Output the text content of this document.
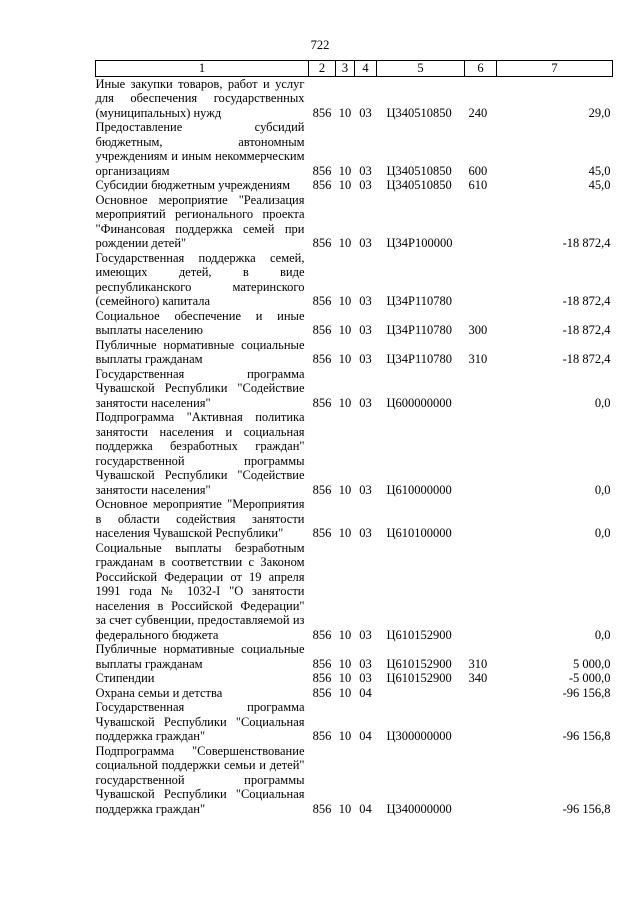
722
1	2	3	4	5	6	7
Иные закупки товаров, работ и услуг для обеспечения государственных (муниципальных) нужд	856	10	03	Ц340510850	240	29,0
Предоставление субсидий бюджетным, автономным учреждениям и иным некоммерческим организациям	856	10	03	Ц340510850	600	45,0
Субсидии бюджетным учреждениям	856	10	03	Ц340510850	610	45,0
Основное мероприятие "Реализация мероприятий регионального проекта "Финансовая поддержка семей при рождении детей"	856	10	03	Ц34Р100000		-18 872,4
Государственная поддержка семей, имеющих детей, в виде республиканского материнского (семейного) капитала	856	10	03	Ц34Р110780		-18 872,4
Социальное обеспечение и иные выплаты населению	856	10	03	Ц34Р110780	300	-18 872,4
Публичные нормативные социальные выплаты гражданам	856	10	03	Ц34Р110780	310	-18 872,4
Государственная программа Чувашской Республики "Содействие занятости населения"	856	10	03	Ц600000000		0,0
Подпрограмма "Активная политика занятости населения и социальная поддержка безработных граждан" государственной программы Чувашской Республики "Содействие занятости населения"	856	10	03	Ц610000000		0,0
Основное мероприятие "Мероприятия в области содействия занятости населения Чувашской Республики"	856	10	03	Ц610100000		0,0
Социальные выплаты безработным гражданам в соответствии с Законом Российской Федерации от 19 апреля 1991 года № 1032-I "О занятости населения в Российской Федерации" за счет субвенции, предоставляемой из федерального бюджета	856	10	03	Ц610152900		0,0
Публичные нормативные социальные выплаты гражданам	856	10	03	Ц610152900	310	5 000,0
Стипендии	856	10	03	Ц610152900	340	-5 000,0
Охрана семьи и детства	856	10	04			-96 156,8
Государственная программа Чувашской Республики "Социальная поддержка граждан"	856	10	04	Ц300000000		-96 156,8
Подпрограмма "Совершенствование социальной поддержки семьи и детей" государственной программы Чувашской Республики "Социальная поддержка граждан"	856	10	04	Ц340000000		-96 156,8
